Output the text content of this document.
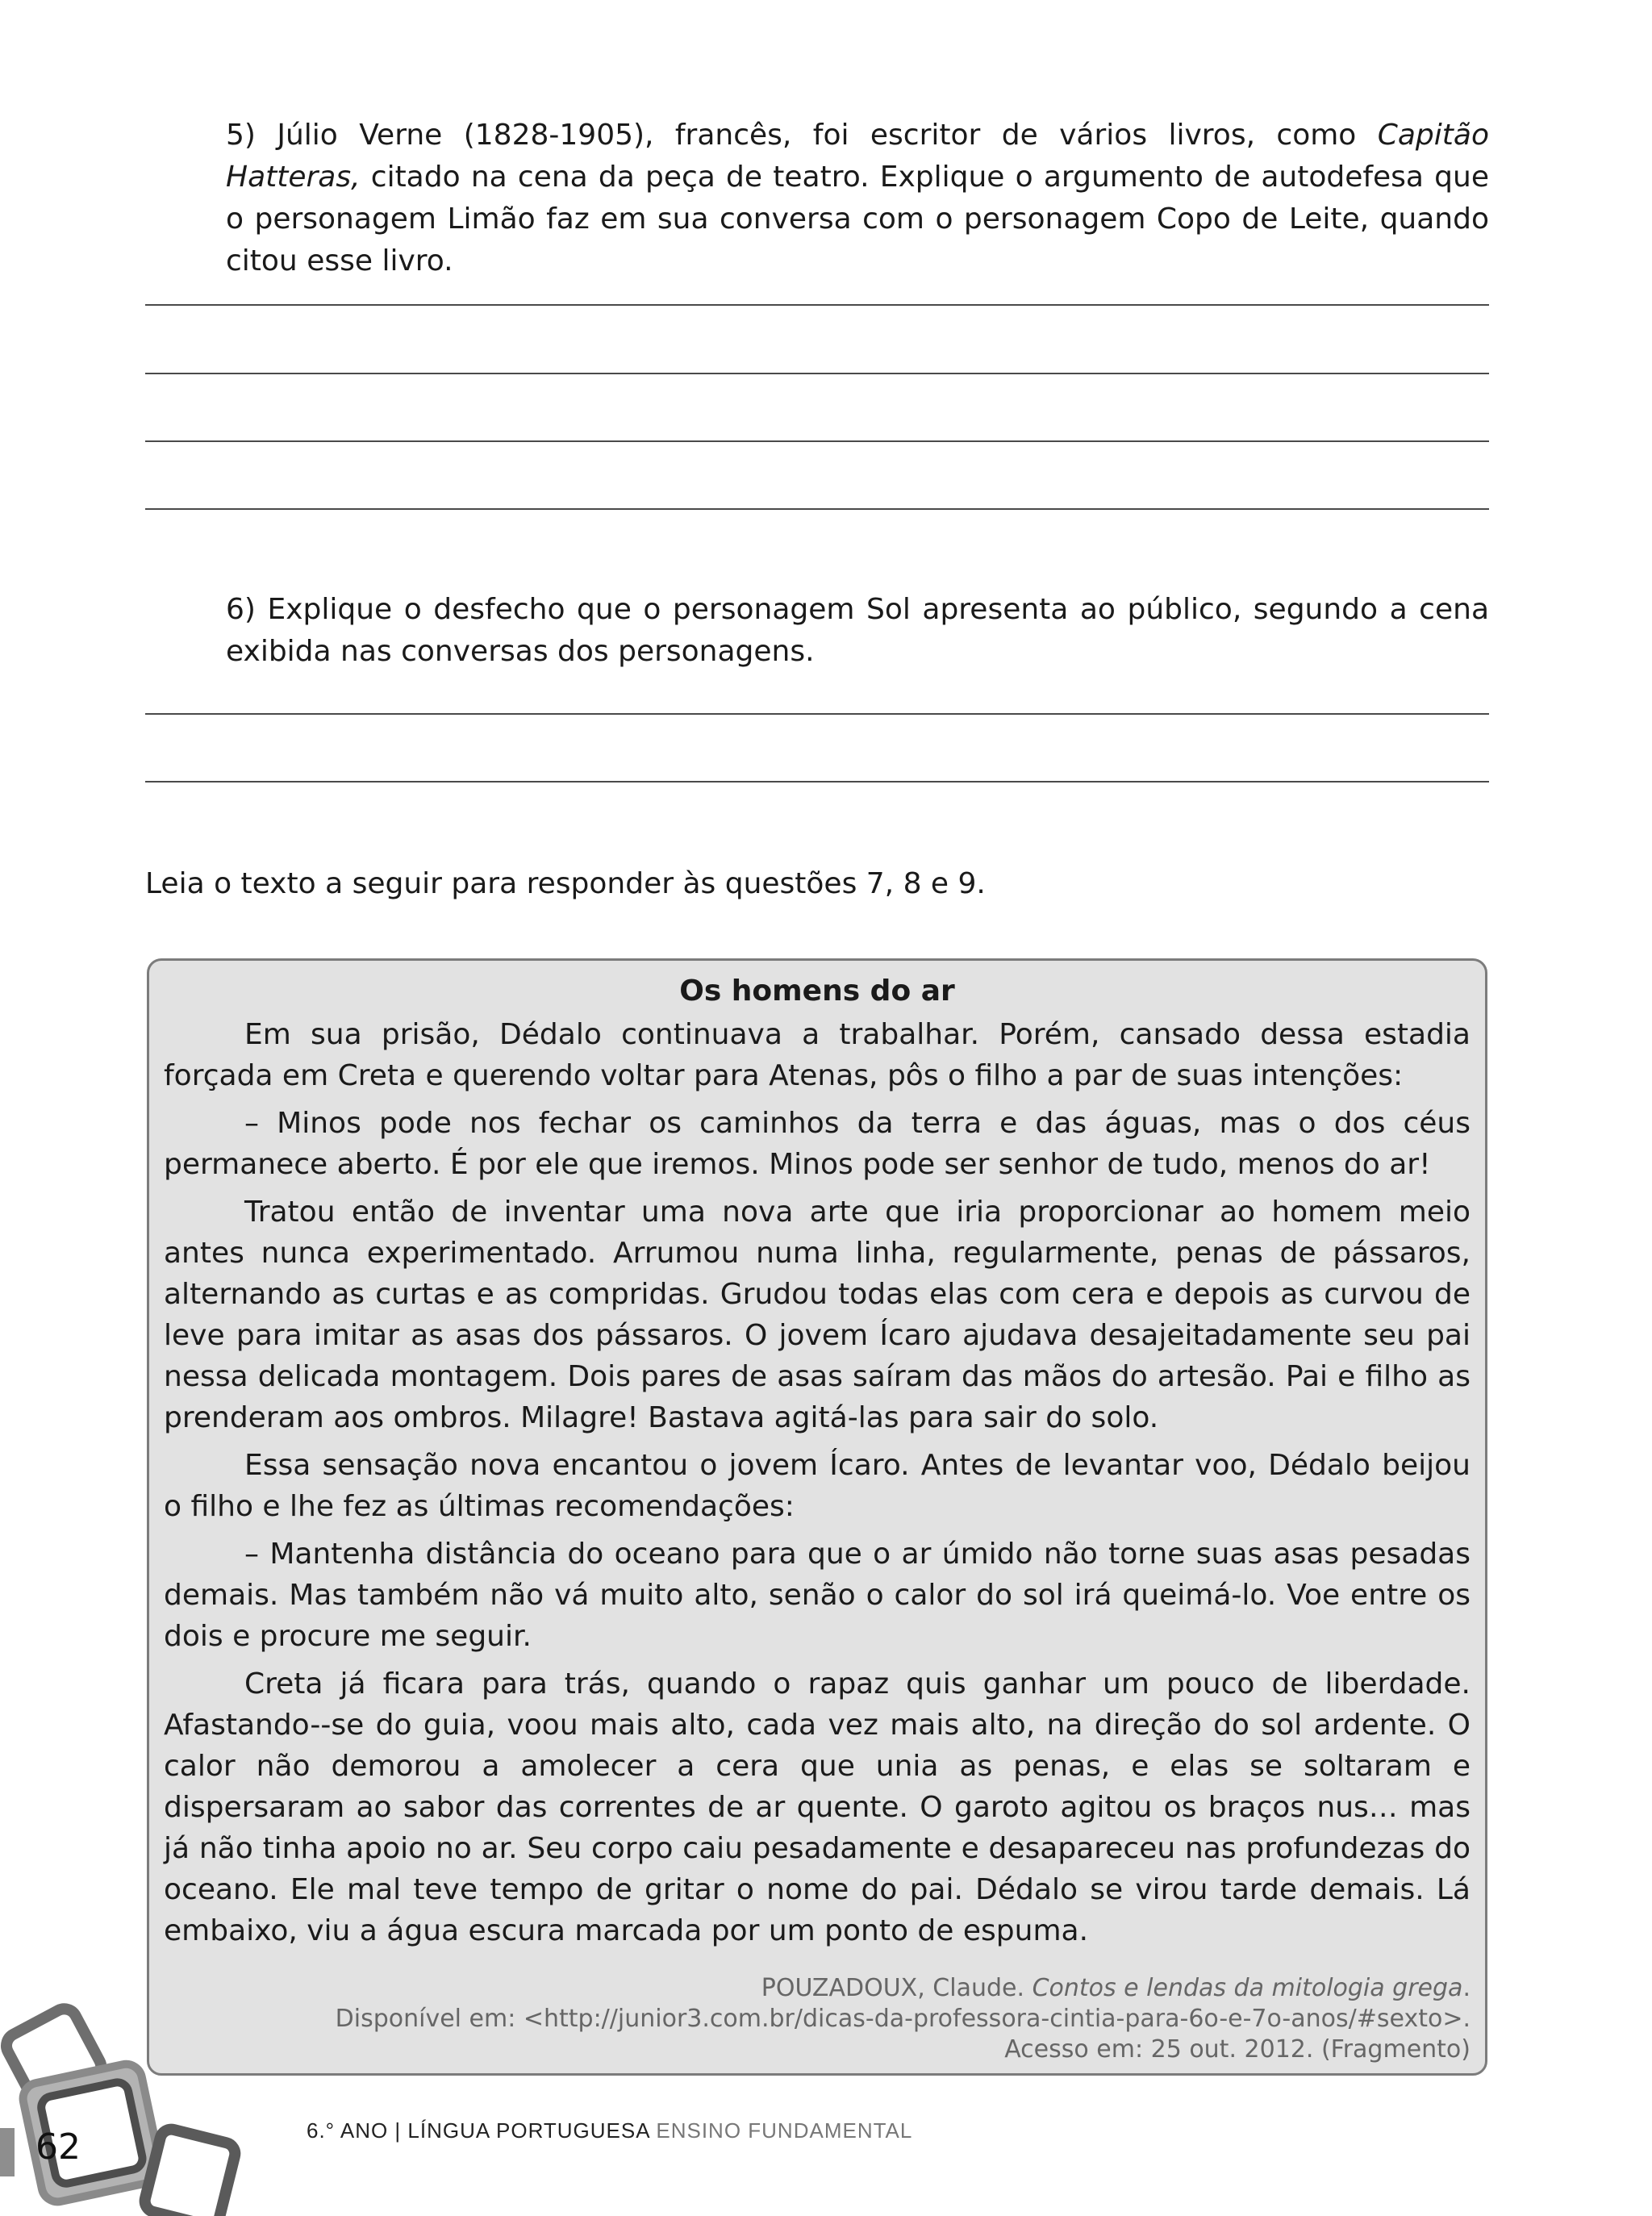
5) Júlio Verne (1828-1905), francês, foi escritor de vários livros, como Capitão Hatteras, citado na cena da peça de teatro. Explique o argumento de autodefesa que o personagem Limão faz em sua conversa com o personagem Copo de Leite, quando citou esse livro.

6) Explique o desfecho que o personagem Sol apresenta ao público, segundo a cena exibida nas conversas dos personagens.

Leia o texto a seguir para responder às questões 7, 8 e 9.
Os homens do ar

Em sua prisão, Dédalo continuava a trabalhar. Porém, cansado dessa estadia forçada em Creta e querendo voltar para Atenas, pôs o filho a par de suas intenções:

– Minos pode nos fechar os caminhos da terra e das águas, mas o dos céus permanece aberto. É por ele que iremos. Minos pode ser senhor de tudo, menos do ar!

Tratou então de inventar uma nova arte que iria proporcionar ao homem meio antes nunca experimentado. Arrumou numa linha, regularmente, penas de pássaros, alternando as curtas e as compridas. Grudou todas elas com cera e depois as curvou de leve para imitar as asas dos pássaros. O jovem Ícaro ajudava desajeitadamente seu pai nessa delicada montagem. Dois pares de asas saíram das mãos do artesão. Pai e filho as prenderam aos ombros. Milagre! Bastava agitá-las para sair do solo.

Essa sensação nova encantou o jovem Ícaro. Antes de levantar voo, Dédalo beijou o filho e lhe fez as últimas recomendações:

– Mantenha distância do oceano para que o ar úmido não torne suas asas pesadas demais. Mas também não vá muito alto, senão o calor do sol irá queimá-lo. Voe entre os dois e procure me seguir.

Creta já ficara para trás, quando o rapaz quis ganhar um pouco de liberdade. Afastando--se do guia, voou mais alto, cada vez mais alto, na direção do sol ardente. O calor não demorou a amolecer a cera que unia as penas, e elas se soltaram e dispersaram ao sabor das correntes de ar quente. O garoto agitou os braços nus… mas já não tinha apoio no ar. Seu corpo caiu pesadamente e desapareceu nas profundezas do oceano. Ele mal teve tempo de gritar o nome do pai. Dédalo se virou tarde demais. Lá embaixo, viu a água escura marcada por um ponto de espuma.

POUZADOUX, Claude. Contos e lendas da mitologia grega.
Disponível em: <http://junior3.com.br/dicas-da-professora-cintia-para-6o-e-7o-anos/#sexto>.
Acesso em: 25 out. 2012. (Fragmento)
62	6.° ANO | LÍNGUA PORTUGUESA ENSINO FUNDAMENTAL
